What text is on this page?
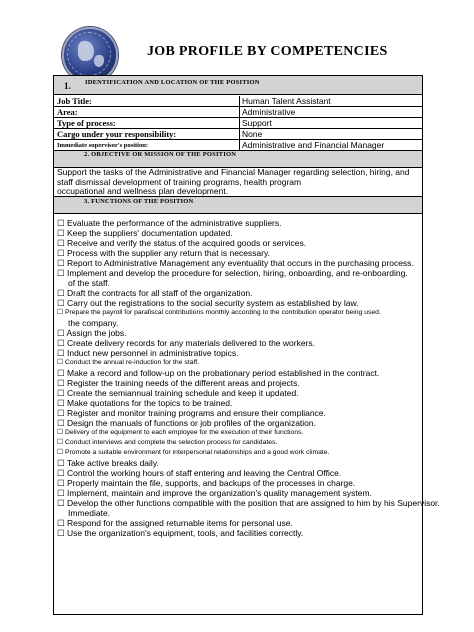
JOB PROFILE BY COMPETENCIES
1. IDENTIFICATION AND LOCATION OF THE POSITION
Job Title:	Human Talent Assistant
Area:	Administrative
Type of process:	Support
Cargo under your responsibility:	None
Immediate supervisor's position:	Administrative and Financial Manager
2. OBJECTIVE OR MISSION OF THE POSITION
Support the tasks of the Administrative and Financial Manager regarding selection, hiring, and
staff dismissal development of training programs, health program
occupational and wellness plan development.
3. FUNCTIONS OF THE POSITION
☐ Evaluate the performance of the administrative suppliers.
☐ Keep the suppliers' documentation updated.
☐ Receive and verify the status of the acquired goods or services.
☐ Process with the supplier any return that is necessary.
☐ Report to Administrative Management any eventuality that occurs in the purchasing process.
☐ Implement and develop the procedure for selection, hiring, onboarding, and re-onboarding.
of the staff.
☐ Draft the contracts for all staff of the organization.
☐ Carry out the registrations to the social security system as established by law.
☐ Prepare the payroll for parafiscal contributions monthly according to the contribution operator being used.
the company.
☐ Assign the jobs.
☐ Create delivery records for any materials delivered to the workers.
☐ Induct new personnel in administrative topics.
☐ Conduct the annual re-induction for the staff.
☐ Make a record and follow-up on the probationary period established in the contract.
☐ Register the training needs of the different areas and projects.
☐ Create the semiannual training schedule and keep it updated.
☐ Make quotations for the topics to be trained.
☐ Register and monitor training programs and ensure their compliance.
☐ Design the manuals of functions or job profiles of the organization.
☐ Delivery of the equipment to each employee for the execution of their functions.
☐ Conduct interviews and complete the selection process for candidates.
☐ Promote a suitable environment for interpersonal relationships and a good work climate.
☐ Take active breaks daily.
☐ Control the working hours of staff entering and leaving the Central Office.
☐ Properly maintain the file, supports, and backups of the processes in charge.
☐ Implement, maintain and improve the organization's quality management system.
☐ Develop the other functions compatible with the position that are assigned to him by his Supervisor.
Immediate.
☐ Respond for the assigned returnable items for personal use.
☐ Use the organization's equipment, tools, and facilities correctly.
